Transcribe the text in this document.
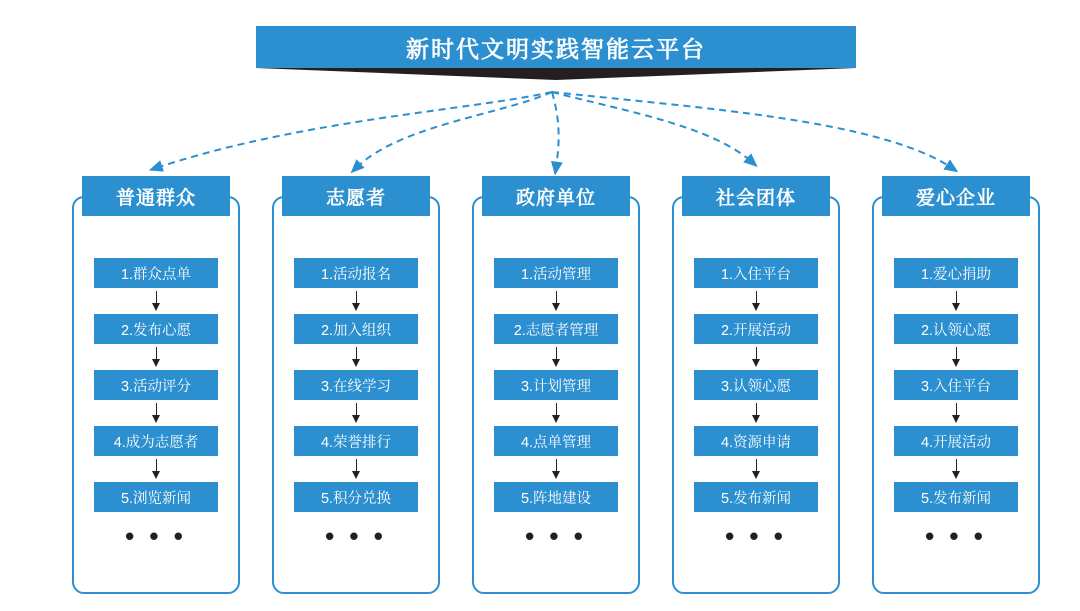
新时代文明实践智能云平台
普通群众
1.群众点单
2.发布心愿
3.活动评分
4.成为志愿者
5.浏览新闻
• • •
志愿者
1.活动报名
2.加入组织
3.在线学习
4.荣誉排行
5.积分兑换
• • •
政府单位
1.活动管理
2.志愿者管理
3.计划管理
4.点单管理
5.阵地建设
• • •
社会团体
1.入住平台
2.开展活动
3.认领心愿
4.资源申请
5.发布新闻
• • •
爱心企业
1.爱心捐助
2.认领心愿
3.入住平台
4.开展活动
5.发布新闻
• • •
